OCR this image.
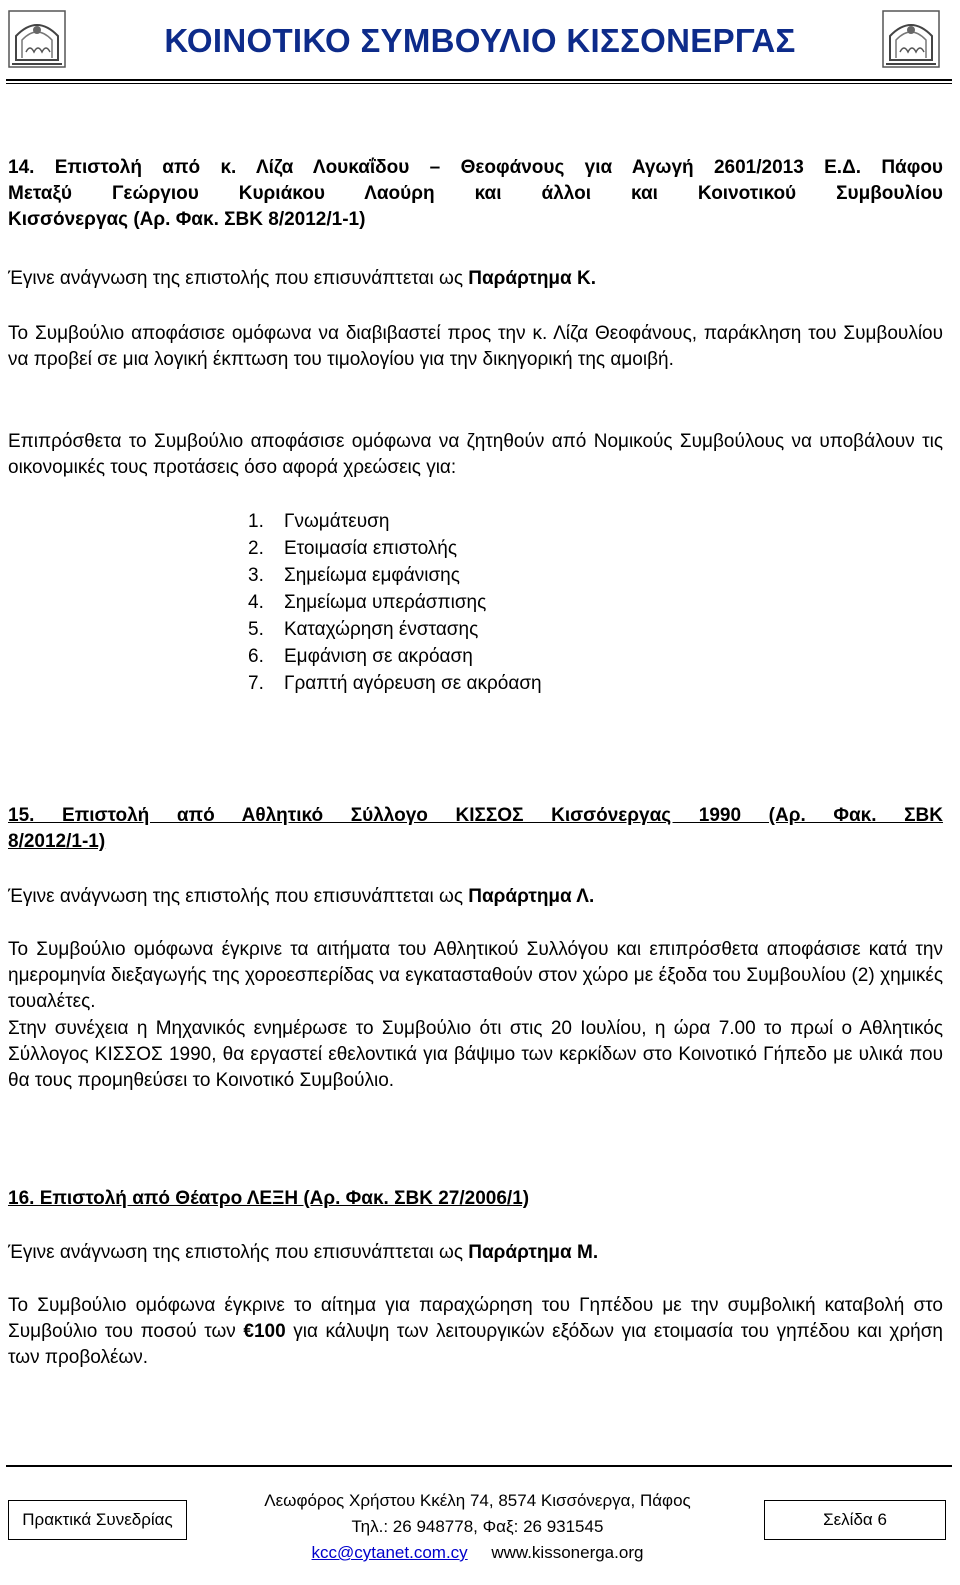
ΚΟΙΝΟΤΙΚΟ ΣΥΜΒΟΥΛΙΟ ΚΙΣΣΟΝΕΡΓΑΣ

14. Επιστολή από κ. Λίζα Λουκαΐδου – Θεοφάνους για Αγωγή 2601/2013 Ε.Δ. Πάφου

Μεταξύ Γεώργιου Κυριάκου Λαούρη και άλλοι και Κοινοτικού Συμβουλίου

Κισσόνεργας (Αρ. Φακ. ΣΒΚ 8/2012/1-1)

Έγινε ανάγνωση της επιστολής που επισυνάπτεται ως Παράρτημα Κ.

Το Συμβούλιο αποφάσισε ομόφωνα να διαβιβαστεί προς την κ. Λίζα Θεοφάνους, παράκληση του Συμβουλίου να προβεί σε μια λογική έκπτωση του τιμολογίου για την δικηγορική της αμοιβή.

Επιπρόσθετα το Συμβούλιο αποφάσισε ομόφωνα να ζητηθούν από Νομικούς Συμβούλους να υποβάλουν τις οικονομικές τους προτάσεις όσο αφορά χρεώσεις για:

1. Γνωμάτευση
2. Ετοιμασία επιστολής
3. Σημείωμα εμφάνισης
4. Σημείωμα υπεράσπισης
5. Καταχώρηση ένστασης
6. Εμφάνιση σε ακρόαση
7. Γραπτή αγόρευση σε ακρόαση

15. Επιστολή από Αθλητικό Σύλλογο ΚΙΣΣΟΣ Κισσόνεργας 1990 (Αρ. Φακ. ΣΒΚ

8/2012/1-1)

Έγινε ανάγνωση της επιστολής που επισυνάπτεται ως Παράρτημα Λ.

Το Συμβούλιο ομόφωνα έγκρινε τα αιτήματα του Αθλητικού Συλλόγου και επιπρόσθετα αποφάσισε κατά την ημερομηνία διεξαγωγής της χοροεσπερίδας να εγκατασταθούν στον χώρο με έξοδα του Συμβουλίου (2) χημικές τουαλέτες.

Στην συνέχεια η Μηχανικός ενημέρωσε το Συμβούλιο ότι στις 20 Ιουλίου, η ώρα 7.00 το πρωί ο Αθλητικός Σύλλογος ΚΙΣΣΟΣ 1990, θα εργαστεί εθελοντικά για βάψιμο των κερκίδων στο Κοινοτικό Γήπεδο με υλικά που θα τους προμηθεύσει το Κοινοτικό Συμβούλιο.

16. Επιστολή από Θέατρο ΛΕΞΗ (Αρ. Φακ. ΣΒΚ 27/2006/1)

Έγινε ανάγνωση της επιστολής που επισυνάπτεται ως Παράρτημα Μ.

Το Συμβούλιο ομόφωνα έγκρινε το αίτημα για παραχώρηση του Γηπέδου με την συμβολική καταβολή στο Συμβούλιο του ποσού των €100 για κάλυψη των λειτουργικών εξόδων για ετοιμασία του γηπέδου και χρήση των προβολέων.

Πρακτικά Συνεδρίας
Λεωφόρος Χρήστου Κκέλη 74, 8574 Κισσόνεργα, Πάφος
Τηλ.: 26 948778, Φαξ: 26 931545
kcc@cytanet.com.cy www.kissonerga.org
Σελίδα 6
